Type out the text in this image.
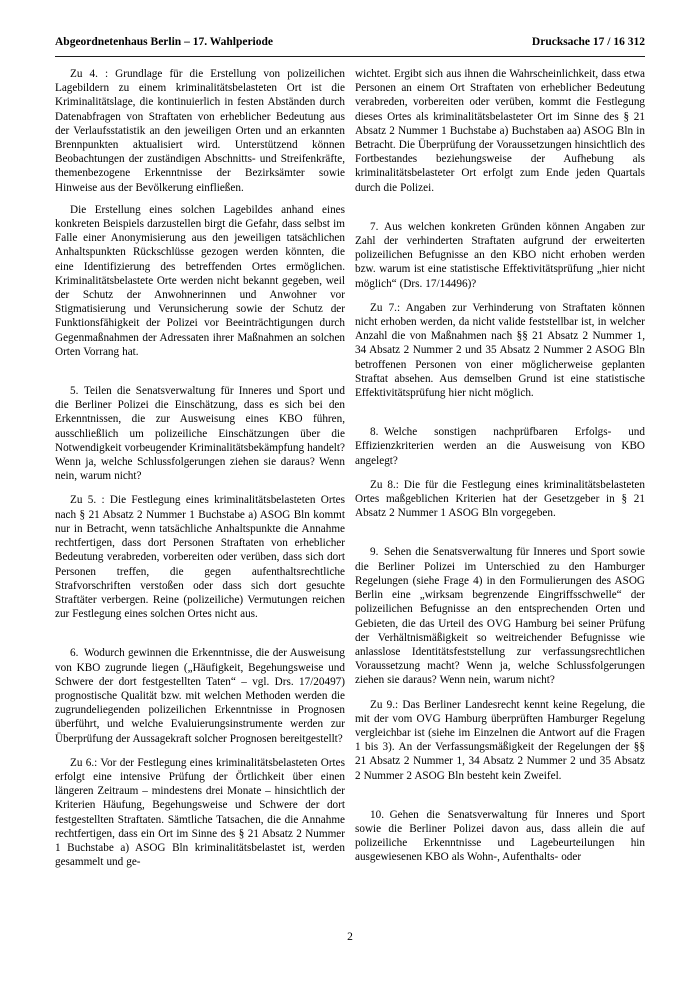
Abgeordnetenhaus Berlin – 17. Wahlperiode	Drucksache 17 / 16 312

Zu 4. : Grundlage für die Erstellung von polizeilichen Lagebildern zu einem kriminalitätsbelasteten Ort ist die Kriminalitätslage, die kontinuierlich in festen Abständen durch Datenabfragen von Straftaten von erheblicher Bedeutung aus der Verlaufsstatistik an den jeweiligen Orten und an erkannten Brennpunkten aktualisiert wird. Unterstützend können Beobachtungen der zuständigen Abschnitts- und Streifenkräfte, themenbezogene Erkenntnisse der Bezirksämter sowie Hinweise aus der Bevölkerung einfließen.

Die Erstellung eines solchen Lagebildes anhand eines konkreten Beispiels darzustellen birgt die Gefahr, dass selbst im Falle einer Anonymisierung aus den jeweiligen tatsächlichen Anhaltspunkten Rückschlüsse gezogen werden könnten, die eine Identifizierung des betreffenden Ortes ermöglichen. Kriminalitätsbelastete Orte werden nicht bekannt gegeben, weil der Schutz der Anwohnerinnen und Anwohner vor Stigmatisierung und Verunsicherung sowie der Schutz der Funktionsfähigkeit der Polizei vor Beeinträchtigungen durch Gegenmaßnahmen der Adressaten ihrer Maßnahmen an solchen Orten Vorrang hat.

5. Teilen die Senatsverwaltung für Inneres und Sport und die Berliner Polizei die Einschätzung, dass es sich bei den Erkenntnissen, die zur Ausweisung eines KBO führen, ausschließlich um polizeiliche Einschätzungen über die Notwendigkeit vorbeugender Kriminalitätsbekämpfung handelt? Wenn ja, welche Schlussfolgerungen ziehen sie daraus? Wenn nein, warum nicht?

Zu 5. : Die Festlegung eines kriminalitätsbelasteten Ortes nach § 21 Absatz 2 Nummer 1 Buchstabe a) ASOG Bln kommt nur in Betracht, wenn tatsächliche Anhaltspunkte die Annahme rechtfertigen, dass dort Personen Straftaten von erheblicher Bedeutung verabreden, vorbereiten oder verüben, dass sich dort Personen treffen, die gegen aufenthaltsrechtliche Strafvorschriften verstoßen oder dass sich dort gesuchte Straftäter verbergen. Reine (polizeiliche) Vermutungen reichen zur Festlegung eines solchen Ortes nicht aus.

6. Wodurch gewinnen die Erkenntnisse, die der Ausweisung von KBO zugrunde liegen („Häufigkeit, Begehungsweise und Schwere der dort festgestellten Taten“ – vgl. Drs. 17/20497) prognostische Qualität bzw. mit welchen Methoden werden die zugrundeliegenden polizeilichen Erkenntnisse in Prognosen überführt, und welche Evaluierungsinstrumente werden zur Überprüfung der Aussagekraft solcher Prognosen bereitgestellt?

Zu 6.: Vor der Festlegung eines kriminalitätsbelasteten Ortes erfolgt eine intensive Prüfung der Örtlichkeit über einen längeren Zeitraum – mindestens drei Monate – hinsichtlich der Kriterien Häufung, Begehungsweise und Schwere der dort festgestellten Straftaten. Sämtliche Tatsachen, die die Annahme rechtfertigen, dass ein Ort im Sinne des § 21 Absatz 2 Nummer 1 Buchstabe a) ASOG Bln kriminalitätsbelastet ist, werden gesammelt und ge-

wichtet. Ergibt sich aus ihnen die Wahrscheinlichkeit, dass etwa Personen an einem Ort Straftaten von erheblicher Bedeutung verabreden, vorbereiten oder verüben, kommt die Festlegung dieses Ortes als kriminalitätsbelasteter Ort im Sinne des § 21 Absatz 2 Nummer 1 Buchstabe a) Buchstaben aa) ASOG Bln in Betracht. Die Überprüfung der Voraussetzungen hinsichtlich des Fortbestandes beziehungsweise der Aufhebung als kriminalitätsbelasteter Ort erfolgt zum Ende jeden Quartals durch die Polizei.

7. Aus welchen konkreten Gründen können Angaben zur Zahl der verhinderten Straftaten aufgrund der erweiterten polizeilichen Befugnisse an den KBO nicht erhoben werden bzw. warum ist eine statistische Effektivitätsprüfung „hier nicht möglich“ (Drs. 17/14496)?

Zu 7.: Angaben zur Verhinderung von Straftaten können nicht erhoben werden, da nicht valide feststellbar ist, in welcher Anzahl die von Maßnahmen nach §§ 21 Absatz 2 Nummer 1, 34 Absatz 2 Nummer 2 und 35 Absatz 2 Nummer 2 ASOG Bln betroffenen Personen von einer möglicherweise geplanten Straftat absehen. Aus demselben Grund ist eine statistische Effektivitätsprüfung hier nicht möglich.

8. Welche sonstigen nachprüfbaren Erfolgs- und Effizienzkriterien werden an die Ausweisung von KBO angelegt?

Zu 8.: Die für die Festlegung eines kriminalitätsbelasteten Ortes maßgeblichen Kriterien hat der Gesetzgeber in § 21 Absatz 2 Nummer 1 ASOG Bln vorgegeben.

9. Sehen die Senatsverwaltung für Inneres und Sport sowie die Berliner Polizei im Unterschied zu den Hamburger Regelungen (siehe Frage 4) in den Formulierungen des ASOG Berlin eine „wirksam begrenzende Eingriffsschwelle“ der polizeilichen Befugnisse an den entsprechenden Orten und Gebieten, die das Urteil des OVG Hamburg bei seiner Prüfung der Verhältnismäßigkeit so weitreichender Befugnisse wie anlasslose Identitätsfeststellung zur verfassungsrechtlichen Voraussetzung macht? Wenn ja, welche Schlussfolgerungen ziehen sie daraus? Wenn nein, warum nicht?

Zu 9.: Das Berliner Landesrecht kennt keine Regelung, die mit der vom OVG Hamburg überprüften Hamburger Regelung vergleichbar ist (siehe im Einzelnen die Antwort auf die Fragen 1 bis 3). An der Verfassungsmäßigkeit der Regelungen der §§ 21 Absatz 2 Nummer 1, 34 Absatz 2 Nummer 2 und 35 Absatz 2 Nummer 2 ASOG Bln besteht kein Zweifel.

10. Gehen die Senatsverwaltung für Inneres und Sport sowie die Berliner Polizei davon aus, dass allein die auf polizeiliche Erkenntnisse und Lagebeurteilungen hin ausgewiesenen KBO als Wohn-, Aufenthalts- oder

2
